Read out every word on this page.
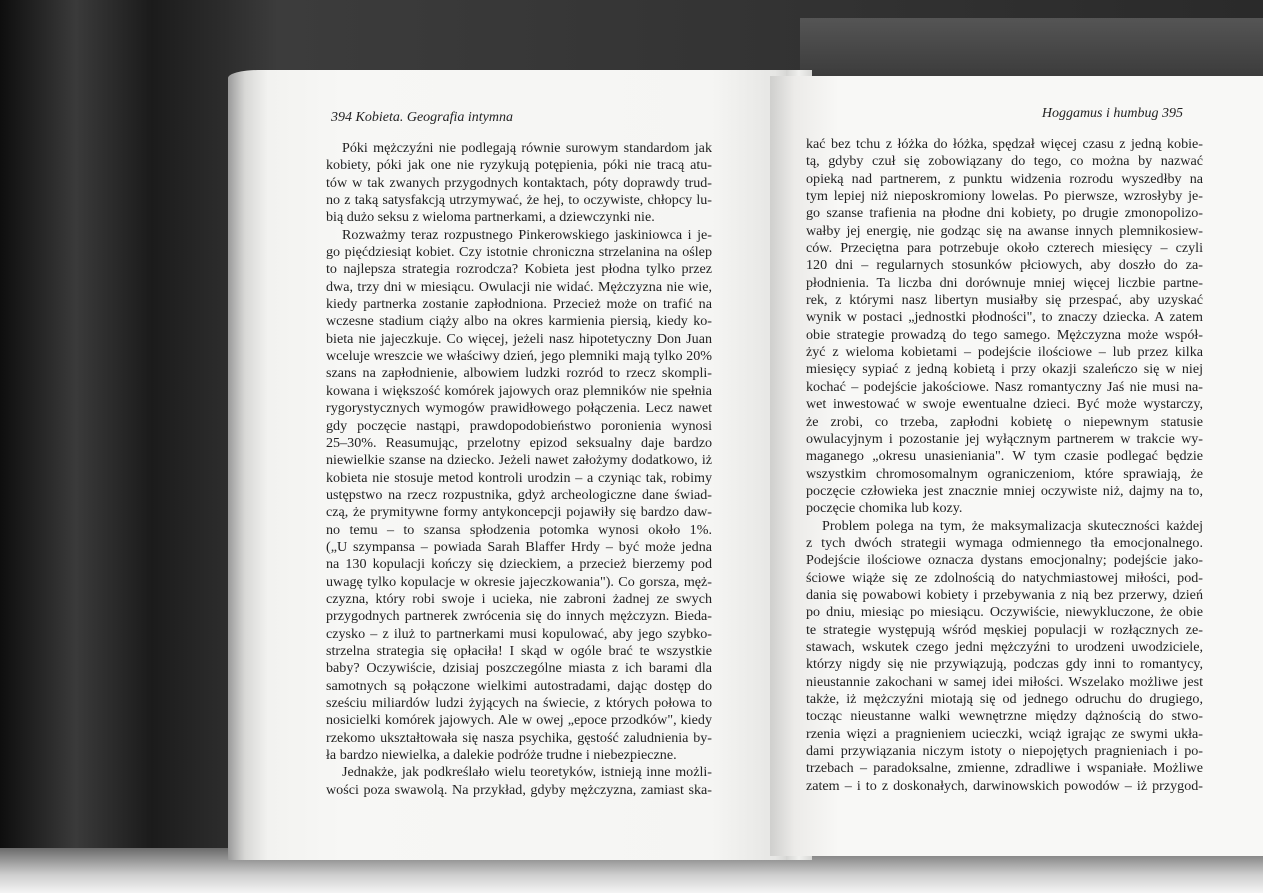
394 Kobieta. Geografia intymna
Póki mężczyźni nie podlegają równie surowym standardom jak
kobiety, póki jak one nie ryzykują potępienia, póki nie tracą atu-
tów w tak zwanych przygodnych kontaktach, póty doprawdy trud-
no z taką satysfakcją utrzymywać, że hej, to oczywiste, chłopcy lu-
bią dużo seksu z wieloma partnerkami, a dziewczynki nie.
Rozważmy teraz rozpustnego Pinkerowskiego jaskiniowca i je-
go pięćdziesiąt kobiet. Czy istotnie chroniczna strzelanina na oślep
to najlepsza strategia rozrodcza? Kobieta jest płodna tylko przez
dwa, trzy dni w miesiącu. Owulacji nie widać. Mężczyzna nie wie,
kiedy partnerka zostanie zapłodniona. Przecież może on trafić na
wczesne stadium ciąży albo na okres karmienia piersią, kiedy ko-
bieta nie jajeczkuje. Co więcej, jeżeli nasz hipotetyczny Don Juan
wceluje wreszcie we właściwy dzień, jego plemniki mają tylko 20%
szans na zapłodnienie, albowiem ludzki rozród to rzecz skompli-
kowana i większość komórek jajowych oraz plemników nie spełnia
rygorystycznych wymogów prawidłowego połączenia. Lecz nawet
gdy poczęcie nastąpi, prawdopodobieństwo poronienia wynosi
25–30%. Reasumując, przelotny epizod seksualny daje bardzo
niewielkie szanse na dziecko. Jeżeli nawet założymy dodatkowo, iż
kobieta nie stosuje metod kontroli urodzin – a czyniąc tak, robimy
ustępstwo na rzecz rozpustnika, gdyż archeologiczne dane świad-
czą, że prymitywne formy antykoncepcji pojawiły się bardzo daw-
no temu – to szansa spłodzenia potomka wynosi około 1%.
(„U szympansa – powiada Sarah Blaffer Hrdy – być może jedna
na 130 kopulacji kończy się dzieckiem, a przecież bierzemy pod
uwagę tylko kopulacje w okresie jajeczkowania"). Co gorsza, męż-
czyzna, który robi swoje i ucieka, nie zabroni żadnej ze swych
przygodnych partnerek zwrócenia się do innych mężczyzn. Bieda-
czysko – z iluż to partnerkami musi kopulować, aby jego szybko-
strzelna strategia się opłaciła! I skąd w ogóle brać te wszystkie
baby? Oczywiście, dzisiaj poszczególne miasta z ich barami dla
samotnych są połączone wielkimi autostradami, dając dostęp do
sześciu miliardów ludzi żyjących na świecie, z których połowa to
nosicielki komórek jajowych. Ale w owej „epoce przodków", kiedy
rzekomo ukształtowała się nasza psychika, gęstość zaludnienia by-
ła bardzo niewielka, a dalekie podróże trudne i niebezpieczne.
Jednakże, jak podkreślało wielu teoretyków, istnieją inne możli-
wości poza swawolą. Na przykład, gdyby mężczyzna, zamiast ska-
Hoggamus i humbug 395
kać bez tchu z łóżka do łóżka, spędzał więcej czasu z jedną kobie-
tą, gdyby czuł się zobowiązany do tego, co można by nazwać
opieką nad partnerem, z punktu widzenia rozrodu wyszedłby na
tym lepiej niż nieposkromiony lowelas. Po pierwsze, wzrosłyby je-
go szanse trafienia na płodne dni kobiety, po drugie zmonopolizo-
wałby jej energię, nie godząc się na awanse innych plemnikosiew-
ców. Przeciętna para potrzebuje około czterech miesięcy – czyli
120 dni – regularnych stosunków płciowych, aby doszło do za-
płodnienia. Ta liczba dni dorównuje mniej więcej liczbie partne-
rek, z którymi nasz libertyn musiałby się przespać, aby uzyskać
wynik w postaci „jednostki płodności", to znaczy dziecka. A zatem
obie strategie prowadzą do tego samego. Mężczyzna może współ-
żyć z wieloma kobietami – podejście ilościowe – lub przez kilka
miesięcy sypiać z jedną kobietą i przy okazji szaleńczo się w niej
kochać – podejście jakościowe. Nasz romantyczny Jaś nie musi na-
wet inwestować w swoje ewentualne dzieci. Być może wystarczy,
że zrobi, co trzeba, zapłodni kobietę o niepewnym statusie
owulacyjnym i pozostanie jej wyłącznym partnerem w trakcie wy-
maganego „okresu unasieniania". W tym czasie podlegać będzie
wszystkim chromosomalnym ograniczeniom, które sprawiają, że
poczęcie człowieka jest znacznie mniej oczywiste niż, dajmy na to,
poczęcie chomika lub kozy.
Problem polega na tym, że maksymalizacja skuteczności każdej
z tych dwóch strategii wymaga odmiennego tła emocjonalnego.
Podejście ilościowe oznacza dystans emocjonalny; podejście jako-
ściowe wiąże się ze zdolnością do natychmiastowej miłości, pod-
dania się powabowi kobiety i przebywania z nią bez przerwy, dzień
po dniu, miesiąc po miesiącu. Oczywiście, niewykluczone, że obie
te strategie występują wśród męskiej populacji w rozłącznych ze-
stawach, wskutek czego jedni mężczyźni to urodzeni uwodziciele,
którzy nigdy się nie przywiązują, podczas gdy inni to romantycy,
nieustannie zakochani w samej idei miłości. Wszelako możliwe jest
także, iż mężczyźni miotają się od jednego odruchu do drugiego,
tocząc nieustanne walki wewnętrzne między dążnością do stwo-
rzenia więzi a pragnieniem ucieczki, wciąż igrając ze swymi ukła-
dami przywiązania niczym istoty o niepojętych pragnieniach i po-
trzebach – paradoksalne, zmienne, zdradliwe i wspaniałe. Możliwe
zatem – i to z doskonałych, darwinowskich powodów – iż przygod-
